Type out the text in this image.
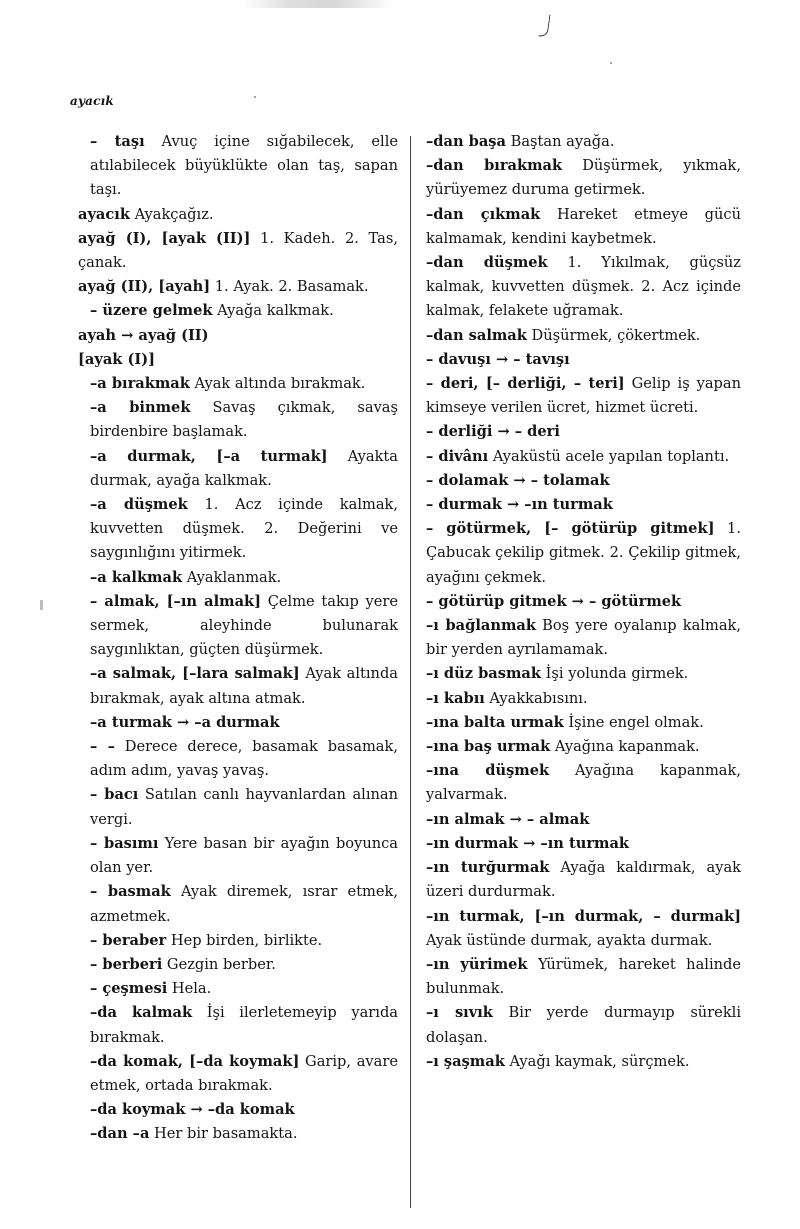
ayacık
– taşı Avuç içine sığabilecek, elle atılabilecek büyüklükte olan taş, sapan taşı.
ayacık Ayakçağız.
ayağ (I), [ayak (II)] 1. Kadeh. 2. Tas, çanak.
ayağ (II), [ayah] 1. Ayak. 2. Basamak.
– üzere gelmek Ayağa kalkmak.
ayah → ayağ (II)
[ayak (I)]
–a bırakmak Ayak altında bırakmak.
–a binmek Savaş çıkmak, savaş birdenbire başlamak.
–a durmak, [–a turmak] Ayakta durmak, ayağa kalkmak.
–a düşmek 1. Acz içinde kalmak, kuvvetten düşmek. 2. Değerini ve saygınlığını yitirmek.
–a kalkmak Ayaklanmak.
– almak, [–ın almak] Çelme takıp yere sermek, aleyhinde bulunarak saygınlıktan, güçten düşürmek.
–a salmak, [–lara salmak] Ayak altında bırakmak, ayak altına atmak.
–a turmak → –a durmak
– – Derece derece, basamak basamak, adım adım, yavaş yavaş.
– bacı Satılan canlı hayvanlardan alınan vergi.
– basımı Yere basan bir ayağın boyunca olan yer.
– basmak Ayak diremek, ısrar etmek, azmetmek.
– beraber Hep birden, birlikte.
– berberi Gezgin berber.
– çeşmesi Hela.
–da kalmak İşi ilerletemeyip yarıda bırakmak.
–da komak, [–da koymak] Garip, avare etmek, ortada bırakmak.
–da koymak → –da komak
–dan –a Her bir basamakta.
–dan başa Baştan ayağa.
–dan bırakmak Düşürmek, yıkmak, yürüyemez duruma getirmek.
–dan çıkmak Hareket etmeye gücü kalmamak, kendini kaybetmek.
–dan düşmek 1. Yıkılmak, güçsüz kalmak, kuvvetten düşmek. 2. Acz içinde kalmak, felakete uğramak.
–dan salmak Düşürmek, çökertmek.
– davuşı → – tavışı
– deri, [– derliği, – teri] Gelip iş yapan kimseye verilen ücret, hizmet ücreti.
– derliği → – deri
– divânı Ayaküstü acele yapılan toplantı.
– dolamak → – tolamak
– durmak → –ın turmak
– götürmek, [– götürüp gitmek] 1. Çabucak çekilip gitmek. 2. Çekilip gitmek, ayağını çekmek.
– götürüp gitmek → – götürmek
–ı bağlanmak Boş yere oyalanıp kalmak, bir yerden ayrılamamak.
–ı düz basmak İşi yolunda girmek.
–ı kabıı Ayakkabısını.
–ına balta urmak İşine engel olmak.
–ına baş urmak Ayağına kapanmak.
–ına düşmek Ayağına kapanmak, yalvarmak.
–ın almak → – almak
–ın durmak → –ın turmak
–ın turğurmak Ayağa kaldırmak, ayak üzeri durdurmak.
–ın turmak, [–ın durmak, – durmak] Ayak üstünde durmak, ayakta durmak.
–ın yürimek Yürümek, hareket halinde bulunmak.
–ı sıvık Bir yerde durmayıp sürekli dolaşan.
–ı şaşmak Ayağı kaymak, sürçmek.
